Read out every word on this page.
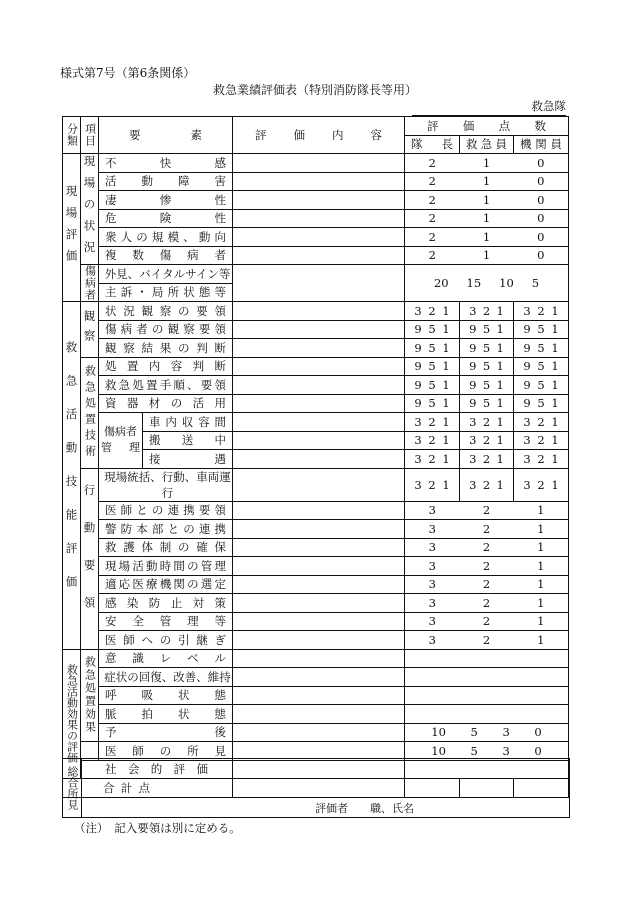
様式第7号（第6条関係）
救急業績評価表（特別消防隊長等用）
救急隊
分類	項目	要素		評価内容	評価点数		
					隊長	救急員	機関員
現場評価	現場の状況	不快感			2	1	0
		活動障害			2	1	0
		凄惨性			2	1	0
		危険性			2	1	0
		衆人の規模、動向			2	1	0
		複数傷病者			2	1	0
	傷病者	外見、バイタルサイン等			20 15 10 5		

		主訴・局所状態等					
救急活動技能評価	観察	状況観察の要領			3 2 1	3 2 1	3 2 1

		傷病者の観察要領			9 5 1	9 5 1	9 5 1

		観察結果の判断			9 5 1	9 5 1	9 5 1

	救急処置技術	処置内容判断			9 5 1	9 5 1	9 5 1

		救急処置手順、要領			9 5 1	9 5 1	9 5 1

		資器材の活用			9 5 1	9 5 1	9 5 1

		傷病者管理	車内収容間		3 2 1	3 2 1	3 2 1

			搬送中		3 2 1	3 2 1	3 2 1

			接遇		3 2 1	3 2 1	3 2 1

	行動要領	現場統括、行動、車両運行			3 2 1	3 2 1	3 2 1

		医師との連携要領			3	2	1
		警防本部との連携			3	2	1
		救護体制の確保			3	2	1
		現場活動時間の管理			3	2	1
		適応医療機関の選定			3	2	1
		感染防止対策			3	2	1
		安全管理等			3	2	1
		医師への引継ぎ			3	2	1
救急活動効果の評価	救急処置効果	意識レベル					
		症状の回復、改善、維持					
		呼吸状態					
		脈拍状態					
		予後			10 5 3 0		

		医師の所見			10 5 3 0		

	社会的評価						
合計点							
総合所見	評価者　　職、氏名
（注）　記入要領は別に定める。
